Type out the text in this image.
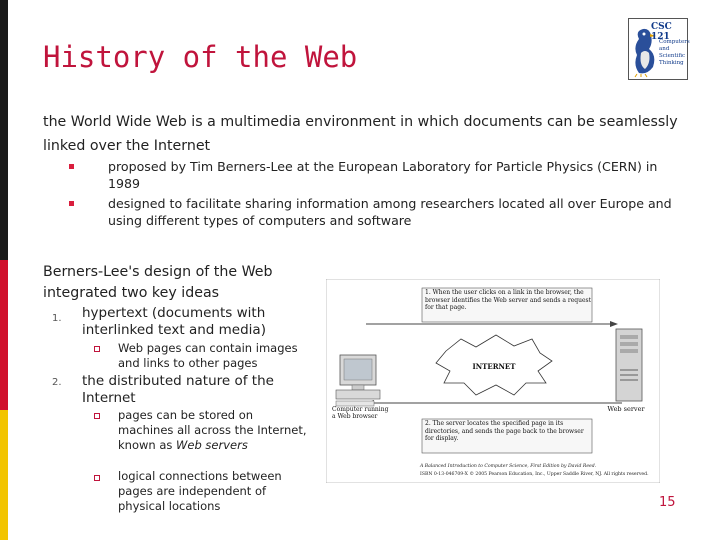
History of the Web
CSC 121
Computers and Scientific Thinking
the World Wide Web is a multimedia environment in which documents can be seamlessly linked over the Internet
proposed by Tim Berners-Lee at the European Laboratory for Particle Physics (CERN) in 1989
designed to facilitate sharing information among researchers located all over Europe and using different types of computers and software
Berners-Lee's design of the Web integrated two key ideas
1. hypertext (documents with interlinked text and media)
Web pages can contain images and links to other pages
2. the distributed nature of the Internet
pages can be stored on machines all across the Internet, known as Web servers
logical connections between pages are independent of physical locations
1. When the user clicks on a link in the browser, the browser identifies the Web server and sends a request for that page.
2. The server locates the specified page in its directories, and sends the page back to the browser for display.
INTERNET
Computer running a Web browser
Web server
A Balanced Introduction to Computer Science, First Edition by David Reed.
ISBN 0-13-046709-X © 2005 Pearson Education, Inc., Upper Saddle River, NJ. All rights reserved.
15
